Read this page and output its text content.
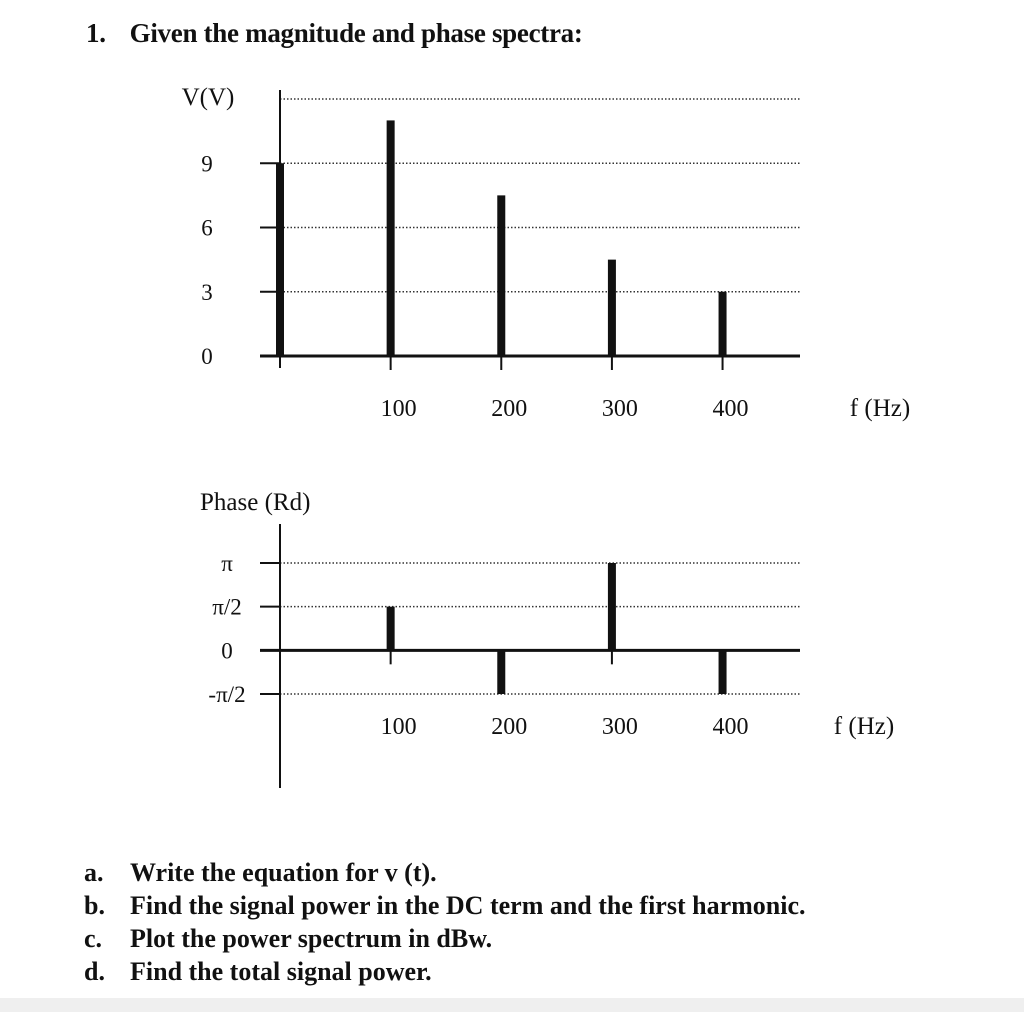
1. Given the magnitude and phase spectra:
0
3
6
9
100	200	300	400	f (Hz)
V(V)
π
π/2
0
-π/2
100	200	300	400	f (Hz)
Phase (Rd)
a.	Write the equation for v (t).
b. Find the signal power in the DC term and the first harmonic.
c.	Plot the power spectrum in dBw.
d. Find the total signal power.
